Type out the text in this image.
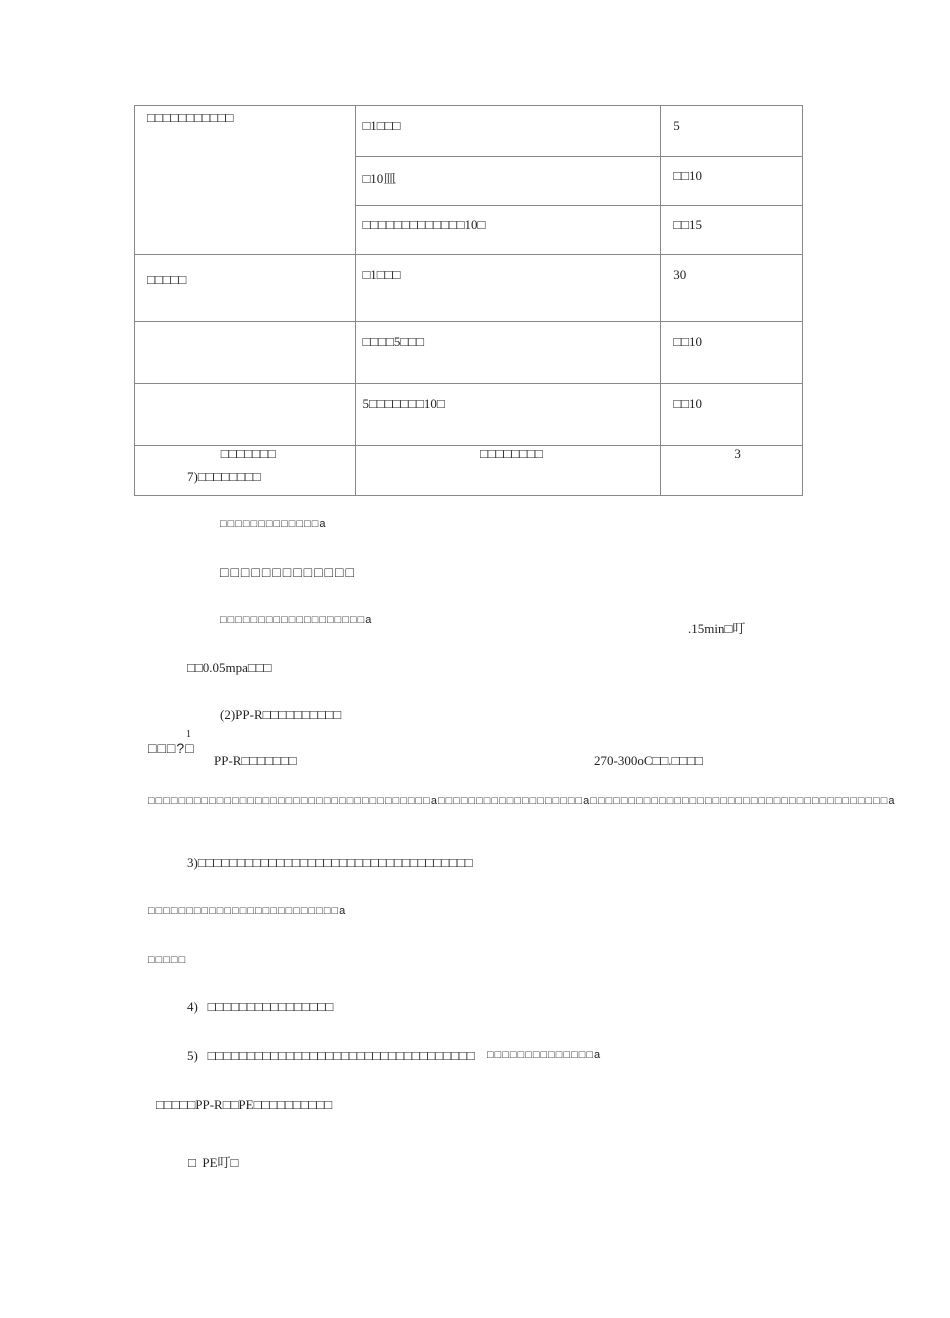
□□□□□□□□□□□	□1□□□	5
	□10皿	□□10
	□□□□□□□□□□□□□10□	□□15
□□□□□	□1□□□	30
	□□□□5□□□	□□10
	5□□□□□□□10□	□□10
□□□□□□□	□□□□□□□□	3
7)□□□□□□□□
□□□□□□□□□□□□□a
□□□□□□□□□□□□□
□□□□□□□□□□□□□□□□□□□a
.15min□叮
□□0.05mpa□□□
(2)PP-R□□□□□□□□□□
1
□□□?□
PP-R□□□□□□□	270-300oC□□.□□□□
□□□□□□□□□□□□□□□□□□□□□□□□□□□□□□□□□□□□□a□□□□□□□□□□□□□□□□□□□a□□□□□□□□□□□□□□□□□□□□□□□□□□□□□□□□□□□□□□□a
3)□□□□□□□□□□□□□□□□□□□□□□□□□□□□□□□□□□□
□□□□□□□□□□□□□□□□□□□□□□□□□a
□□□□□
4)   □□□□□□□□□□□□□□□□
5)   □□□□□□□□□□□□□□□□□□□□□□□□□□□□□□□□□□ □□□□□□□□□□□□□□a
□□□□□PP-R□□PE□□□□□□□□□□
□  PE叮□
